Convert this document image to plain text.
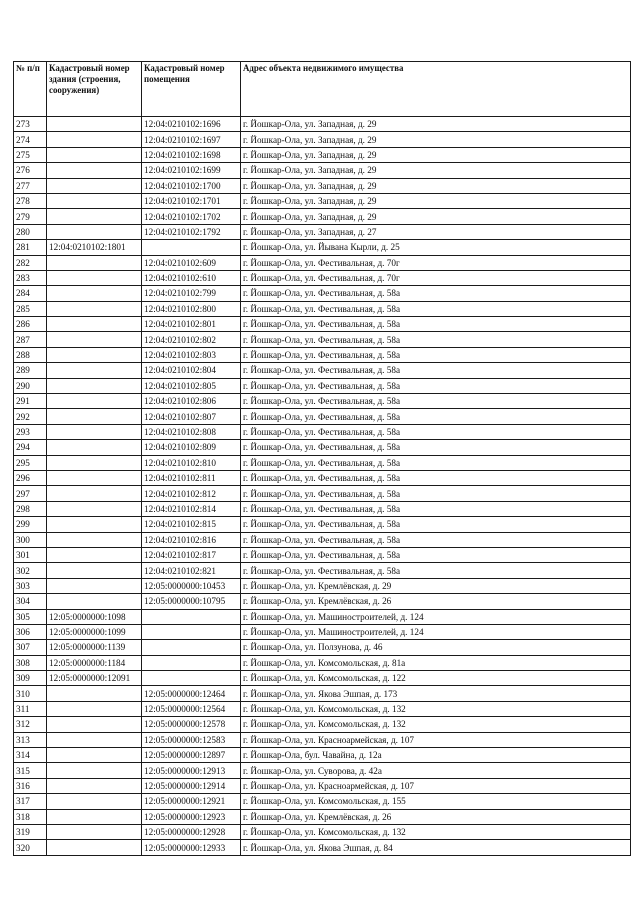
№ п/п	Кадастровый номер здания (строения, сооружения)	Кадастровый номер помещения	Адрес объекта недвижимого имущества
273		12:04:0210102:1696	г. Йошкар-Ола, ул. Западная, д. 29
274		12:04:0210102:1697	г. Йошкар-Ола, ул. Западная, д. 29
275		12:04:0210102:1698	г. Йошкар-Ола, ул. Западная, д. 29
276		12:04:0210102:1699	г. Йошкар-Ола, ул. Западная, д. 29
277		12:04:0210102:1700	г. Йошкар-Ола, ул. Западная, д. 29
278		12:04:0210102:1701	г. Йошкар-Ола, ул. Западная, д. 29
279		12:04:0210102:1702	г. Йошкар-Ола, ул. Западная, д. 29
280		12:04:0210102:1792	г. Йошкар-Ола, ул. Западная, д. 27
281	12:04:0210102:1801		г. Йошкар-Ола, ул. Йывана Кырли, д. 25
282		12:04:0210102:609	г. Йошкар-Ола, ул. Фестивальная, д. 70г
283		12:04:0210102:610	г. Йошкар-Ола, ул. Фестивальная, д. 70г
284		12:04:0210102:799	г. Йошкар-Ола, ул. Фестивальная, д. 58а
285		12:04:0210102:800	г. Йошкар-Ола, ул. Фестивальная, д. 58а
286		12:04:0210102:801	г. Йошкар-Ола, ул. Фестивальная, д. 58а
287		12:04:0210102:802	г. Йошкар-Ола, ул. Фестивальная, д. 58а
288		12:04:0210102:803	г. Йошкар-Ола, ул. Фестивальная, д. 58а
289		12:04:0210102:804	г. Йошкар-Ола, ул. Фестивальная, д. 58а
290		12:04:0210102:805	г. Йошкар-Ола, ул. Фестивальная, д. 58а
291		12:04:0210102:806	г. Йошкар-Ола, ул. Фестивальная, д. 58а
292		12:04:0210102:807	г. Йошкар-Ола, ул. Фестивальная, д. 58а
293		12:04:0210102:808	г. Йошкар-Ола, ул. Фестивальная, д. 58а
294		12:04:0210102:809	г. Йошкар-Ола, ул. Фестивальная, д. 58а
295		12:04:0210102:810	г. Йошкар-Ола, ул. Фестивальная, д. 58а
296		12:04:0210102:811	г. Йошкар-Ола, ул. Фестивальная, д. 58а
297		12:04:0210102:812	г. Йошкар-Ола, ул. Фестивальная, д. 58а
298		12:04:0210102:814	г. Йошкар-Ола, ул. Фестивальная, д. 58а
299		12:04:0210102:815	г. Йошкар-Ола, ул. Фестивальная, д. 58а
300		12:04:0210102:816	г. Йошкар-Ола, ул. Фестивальная, д. 58а
301		12:04:0210102:817	г. Йошкар-Ола, ул. Фестивальная, д. 58а
302		12:04:0210102:821	г. Йошкар-Ола, ул. Фестивальная, д. 58а
303		12:05:0000000:10453	г. Йошкар-Ола, ул. Кремлёвская, д. 29
304		12:05:0000000:10795	г. Йошкар-Ола, ул. Кремлёвская, д. 26
305	12:05:0000000:1098		г. Йошкар-Ола, ул. Машиностроителей, д. 124
306	12:05:0000000:1099		г. Йошкар-Ола, ул. Машиностроителей, д. 124
307	12:05:0000000:1139		г. Йошкар-Ола, ул. Ползунова, д. 46
308	12:05:0000000:1184		г. Йошкар-Ола, ул. Комсомольская, д. 81а
309	12:05:0000000:12091		г. Йошкар-Ола, ул. Комсомольская, д. 122
310		12:05:0000000:12464	г. Йошкар-Ола, ул. Якова Эшпая, д. 173
311		12:05:0000000:12564	г. Йошкар-Ола, ул. Комсомольская, д. 132
312		12:05:0000000:12578	г. Йошкар-Ола, ул. Комсомольская, д. 132
313		12:05:0000000:12583	г. Йошкар-Ола, ул. Красноармейская, д. 107
314		12:05:0000000:12897	г. Йошкар-Ола, бул. Чавайна, д. 12а
315		12:05:0000000:12913	г. Йошкар-Ола, ул. Суворова, д. 42а
316		12:05:0000000:12914	г. Йошкар-Ола, ул. Красноармейская, д. 107
317		12:05:0000000:12921	г. Йошкар-Ола, ул. Комсомольская, д. 155
318		12:05:0000000:12923	г. Йошкар-Ола, ул. Кремлёвская, д. 26
319		12:05:0000000:12928	г. Йошкар-Ола, ул. Комсомольская, д. 132
320		12:05:0000000:12933	г. Йошкар-Ола, ул. Якова Эшпая, д. 84
